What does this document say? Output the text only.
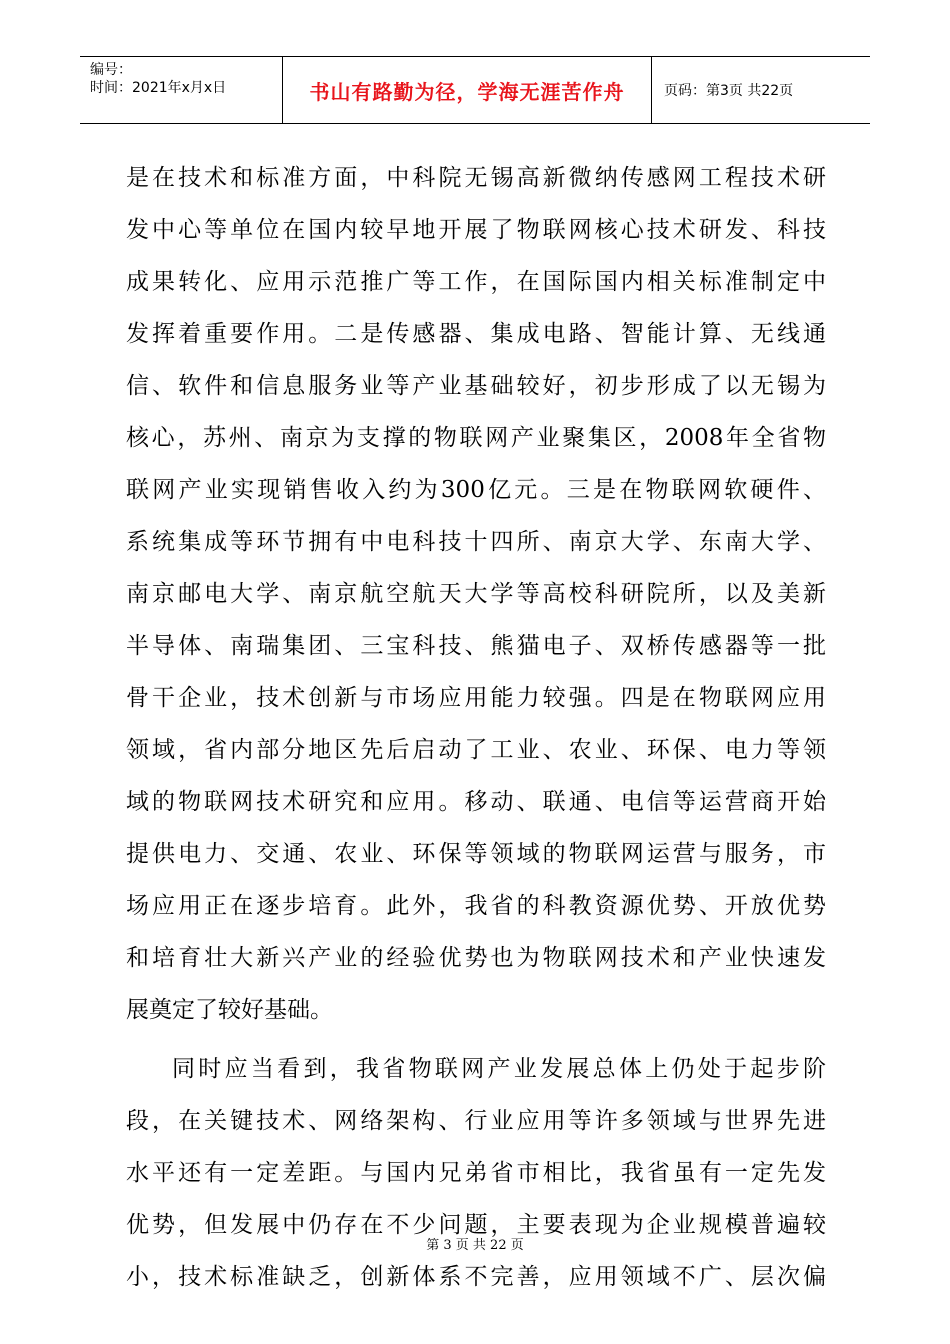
编号：
时间：2021年x月x日	书山有路勤为径，学海无涯苦作舟	页码：第3页 共22页
是在技术和标准方面，中科院无锡高新微纳传感网工程技术研
发中心等单位在国内较早地开展了物联网核心技术研发、科技
成果转化、应用示范推广等工作，在国际国内相关标准制定中
发挥着重要作用。二是传感器、集成电路、智能计算、无线通
信、软件和信息服务业等产业基础较好，初步形成了以无锡为
核心，苏州、南京为支撑的物联网产业聚集区，2008年全省物
联网产业实现销售收入约为300亿元。三是在物联网软硬件、
系统集成等环节拥有中电科技十四所、南京大学、东南大学、
南京邮电大学、南京航空航天大学等高校科研院所，以及美新
半导体、南瑞集团、三宝科技、熊猫电子、双桥传感器等一批
骨干企业，技术创新与市场应用能力较强。四是在物联网应用
领域，省内部分地区先后启动了工业、农业、环保、电力等领
域的物联网技术研究和应用。移动、联通、电信等运营商开始
提供电力、交通、农业、环保等领域的物联网运营与服务，市
场应用正在逐步培育。此外，我省的科教资源优势、开放优势
和培育壮大新兴产业的经验优势也为物联网技术和产业快速发
展奠定了较好基础。
同时应当看到，我省物联网产业发展总体上仍处于起步阶
段，在关键技术、网络架构、行业应用等许多领域与世界先进
水平还有一定差距。与国内兄弟省市相比，我省虽有一定先发
优势，但发展中仍存在不少问题，主要表现为企业规模普遍较
小，技术标准缺乏，创新体系不完善，应用领域不广、层次偏
第 3 页 共 22 页
